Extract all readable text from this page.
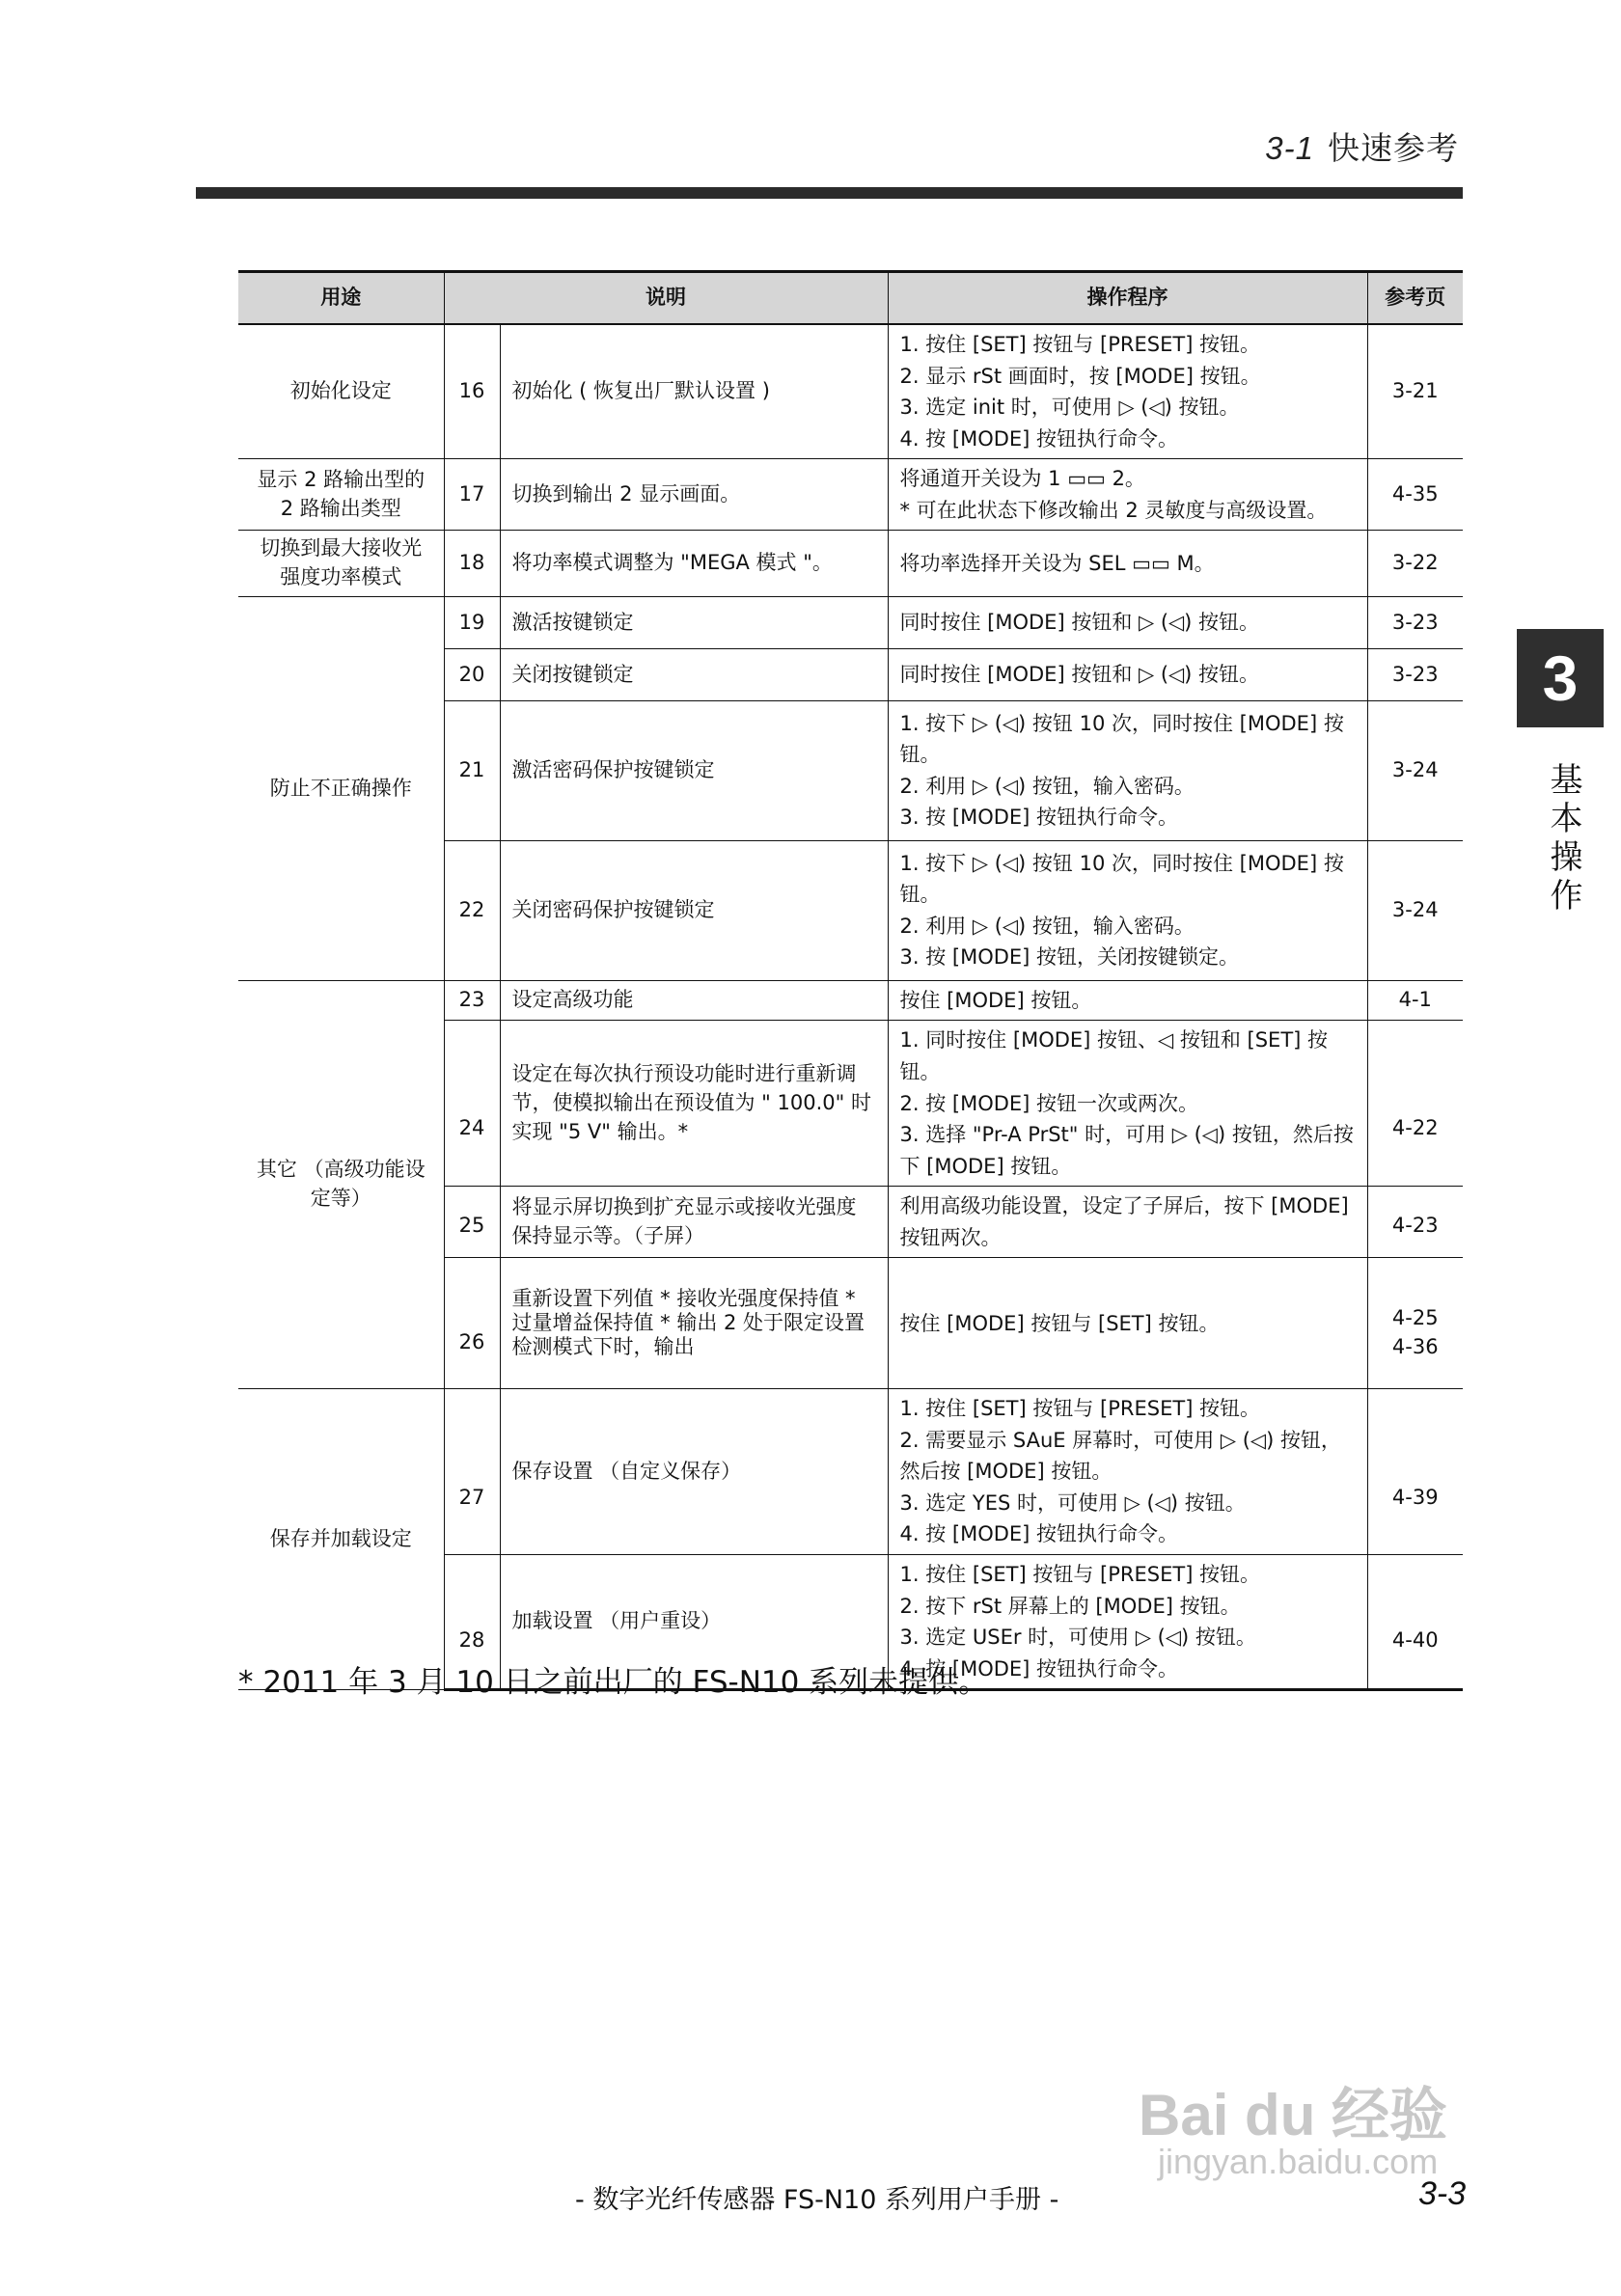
3-1 快速参考
用途	说明		操作程序	参考页
初始化设定	16	初始化 ( 恢复出厂默认设置 )	1. 按住 [SET] 按钮与 [PRESET] 按钮。
2. 显示 rSt 画面时，按 [MODE] 按钮。
3. 选定 init 时，可使用 ▷ (◁) 按钮。
4. 按 [MODE] 按钮执行命令。	3-21
显示 2 路输出型的 2 路输出类型	17	切换到输出 2 显示画面。	将通道开关设为 1 ▭▭ 2。
* 可在此状态下修改输出 2 灵敏度与高级设置。	4-35
切换到最大接收光强度功率模式	18	将功率模式调整为 "MEGA 模式 "。	将功率选择开关设为 SEL ▭▭ M。	3-22
防止不正确操作	19	激活按键锁定	同时按住 [MODE] 按钮和 ▷ (◁) 按钮。	3-23
	20	关闭按键锁定	同时按住 [MODE] 按钮和 ▷ (◁) 按钮。	3-23
	21	激活密码保护按键锁定	1. 按下 ▷ (◁) 按钮 10 次，同时按住 [MODE] 按钮。
2. 利用 ▷ (◁) 按钮，输入密码。
3. 按 [MODE] 按钮执行命令。	3-24
	22	关闭密码保护按键锁定	1. 按下 ▷ (◁) 按钮 10 次，同时按住 [MODE] 按钮。
2. 利用 ▷ (◁) 按钮，输入密码。
3. 按 [MODE] 按钮，关闭按键锁定。	3-24
其它 （高级功能设定等）	23	设定高级功能	按住 [MODE] 按钮。	4-1
	24	设定在每次执行预设功能时进行重新调节，使模拟输出在预设值为 " 100.0" 时实现 "5 V" 输出。*	1. 同时按住 [MODE] 按钮、◁ 按钮和 [SET] 按钮。
2. 按 [MODE] 按钮一次或两次。
3. 选择 "Pr-A PrSt" 时，可用 ▷ (◁) 按钮，然后按下 [MODE] 按钮。	4-22
	25	将显示屏切换到扩充显示或接收光强度保持显示等。（子屏）	利用高级功能设置，设定了子屏后，按下 [MODE] 按钮两次。	4-23
	26	重新设置下列值 * 接收光强度保持值 * 过量增益保持值 * 输出 2 处于限定设置检测模式下时，输出	按住 [MODE] 按钮与 [SET] 按钮。	4-25 4-36
保存并加载设定	27	保存设置 （自定义保存）	1. 按住 [SET] 按钮与 [PRESET] 按钮。
2. 需要显示 SAuE 屏幕时，可使用 ▷ (◁) 按钮，然后按 [MODE] 按钮。
3. 选定 YES 时，可使用 ▷ (◁) 按钮。
4. 按 [MODE] 按钮执行命令。	4-39
	28	加载设置 （用户重设）	1. 按住 [SET] 按钮与 [PRESET] 按钮。
2. 按下 rSt 屏幕上的 [MODE] 按钮。
3. 选定 USEr 时，可使用 ▷ (◁) 按钮。
4. 按 [MODE] 按钮执行命令。	4-40
* 2011 年 3 月 10 日之前出厂的 FS-N10 系列未提供。
3
基本操作
Bai du 经验
jingyan.baidu.com
- 数字光纤传感器 FS-N10 系列用户手册 -	3-3
